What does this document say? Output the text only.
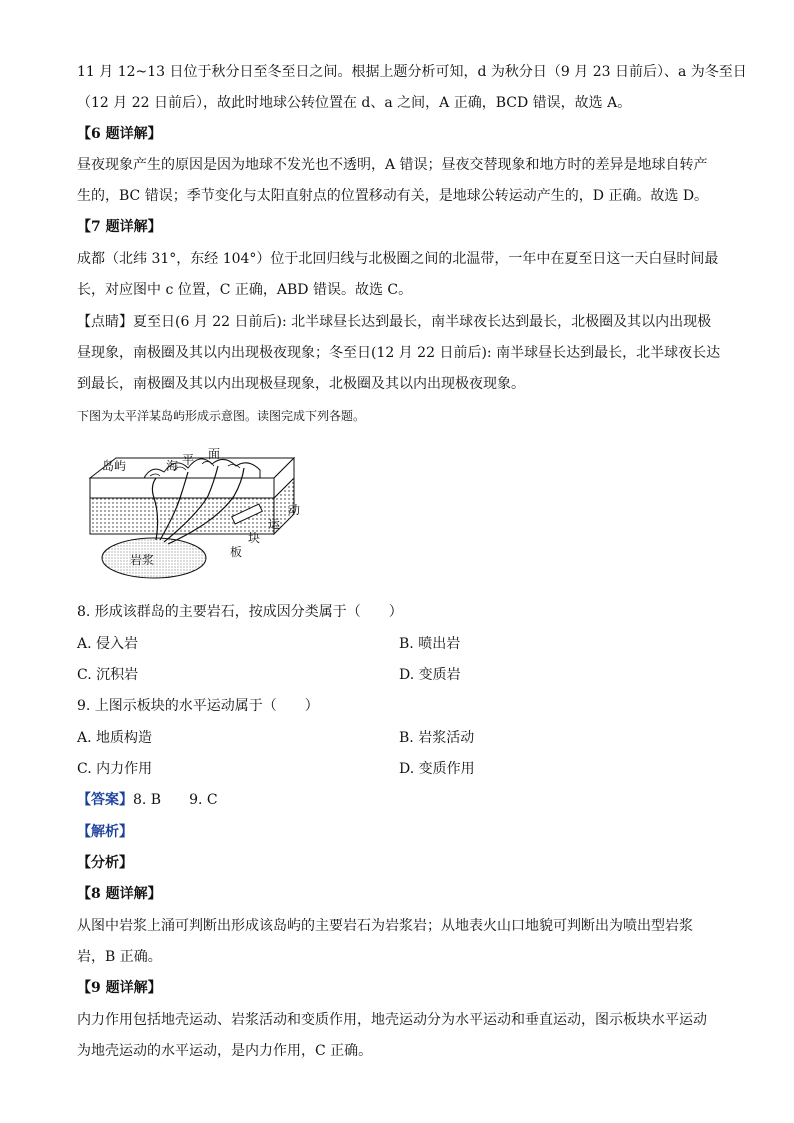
11 月 12~13 日位于秋分日至冬至日之间。根据上题分析可知，d 为秋分日（9 月 23 日前后）、a 为冬至日
（12 月 22 日前后），故此时地球公转位置在 d、a 之间，A 正确，BCD 错误，故选 A。
【6 题详解】
昼夜现象产生的原因是因为地球不发光也不透明，A 错误；昼夜交替现象和地方时的差异是地球自转产
生的，BC 错误；季节变化与太阳直射点的位置移动有关，是地球公转运动产生的，D 正确。故选 D。
【7 题详解】
成都（北纬 31°，东经 104°）位于北回归线与北极圈之间的北温带，一年中在夏至日这一天白昼时间最
长，对应图中 c 位置，C 正确，ABD 错误。故选 C。
【点睛】夏至日(6 月 22 日前后): 北半球昼长达到最长，南半球夜长达到最长，北极圈及其以内出现极
昼现象，南极圈及其以内出现极夜现象；冬至日(12 月 22 日前后): 南半球昼长达到最长，北半球夜长达
到最长，南极圈及其以内出现极昼现象，北极圈及其以内出现极夜现象。
下图为太平洋某岛屿形成示意图。读图完成下列各题。
岛屿	海 平 面
动
运
块
板
岩浆
8. 形成该群岛的主要岩石，按成因分类属于（　　）
A. 侵入岩	B. 喷出岩
C. 沉积岩	D. 变质岩
9. 上图示板块的水平运动属于（　　）
A. 地质构造	B. 岩浆活动
C. 内力作用	D. 变质作用
【答案】8. B　　9. C
【解析】
【分析】
【8 题详解】
从图中岩浆上涌可判断出形成该岛屿的主要岩石为岩浆岩；从地表火山口地貌可判断出为喷出型岩浆
岩，B 正确。
【9 题详解】
内力作用包括地壳运动、岩浆活动和变质作用，地壳运动分为水平运动和垂直运动，图示板块水平运动
为地壳运动的水平运动，是内力作用，C 正确。
